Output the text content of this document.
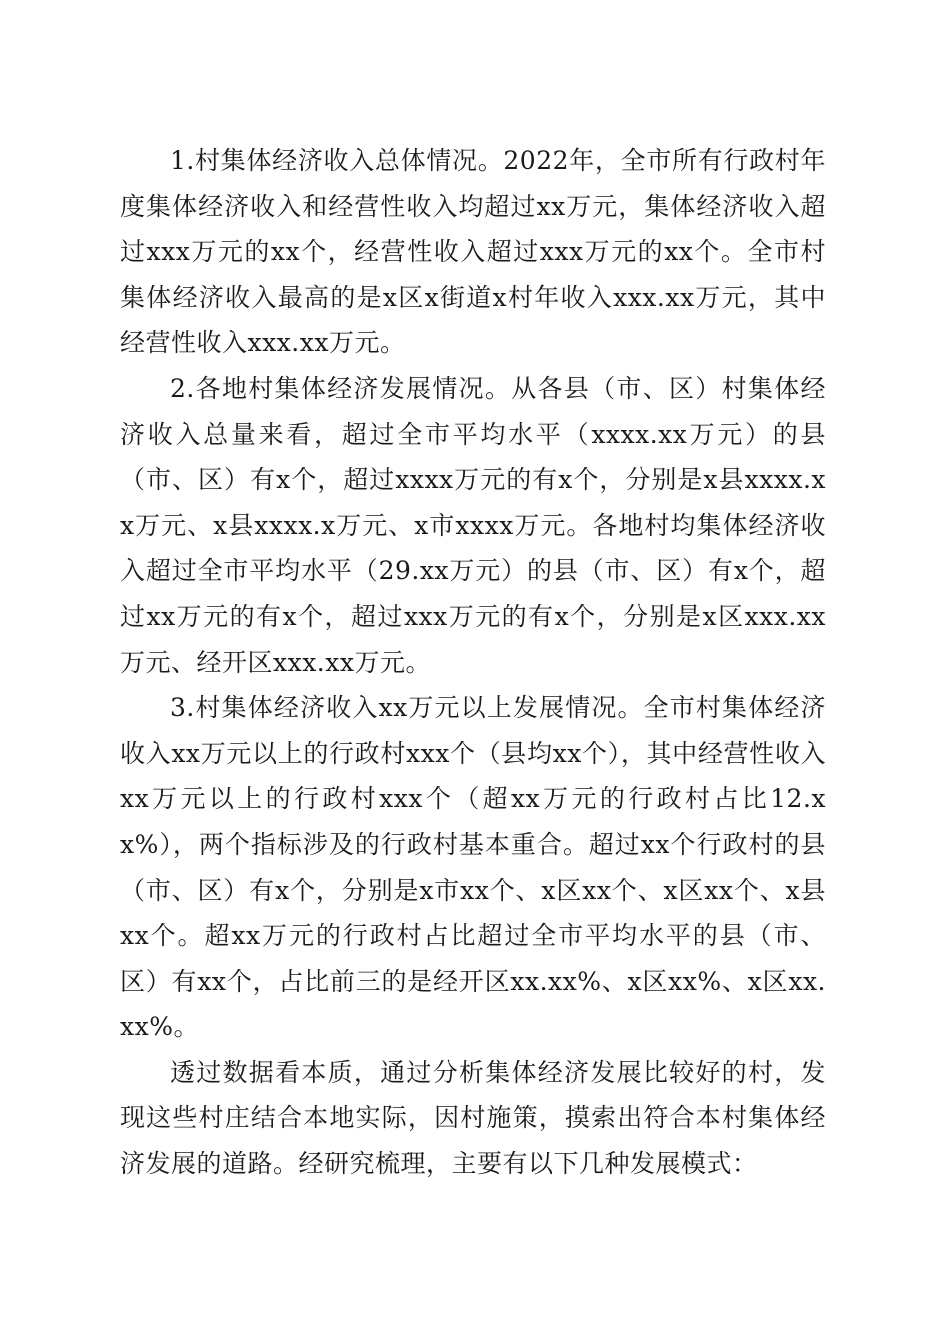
1.村集体经济收入总体情况。2022年，全市所有行政村年度集体经济收入和经营性收入均超过xx万元，集体经济收入超过xxx万元的xx个，经营性收入超过xxx万元的xx个。全市村集体经济收入最高的是x区x街道x村年收入xxx.xx万元，其中经营性收入xxx.xx万元。

2.各地村集体经济发展情况。从各县（市、区）村集体经济收入总量来看，超过全市平均水平（xxxx.xx万元）的县（市、区）有x个，超过xxxx万元的有x个，分别是x县xxxx.xx万元、x县xxxx.x万元、x市xxxx万元。各地村均集体经济收入超过全市平均水平（29.xx万元）的县（市、区）有x个，超过xx万元的有x个，超过xxx万元的有x个，分别是x区xxx.xx万元、经开区xxx.xx万元。

3.村集体经济收入xx万元以上发展情况。全市村集体经济收入xx万元以上的行政村xxx个（县均xx个），其中经营性收入xx万元以上的行政村xxx个（超xx万元的行政村占比12.xx%），两个指标涉及的行政村基本重合。超过xx个行政村的县（市、区）有x个，分别是x市xx个、x区xx个、x区xx个、x县xx个。超xx万元的行政村占比超过全市平均水平的县（市、区）有xx个，占比前三的是经开区xx.xx%、x区xx%、x区xx.xx%。

透过数据看本质，通过分析集体经济发展比较好的村，发现这些村庄结合本地实际，因村施策，摸索出符合本村集体经济发展的道路。经研究梳理，主要有以下几种发展模式：
